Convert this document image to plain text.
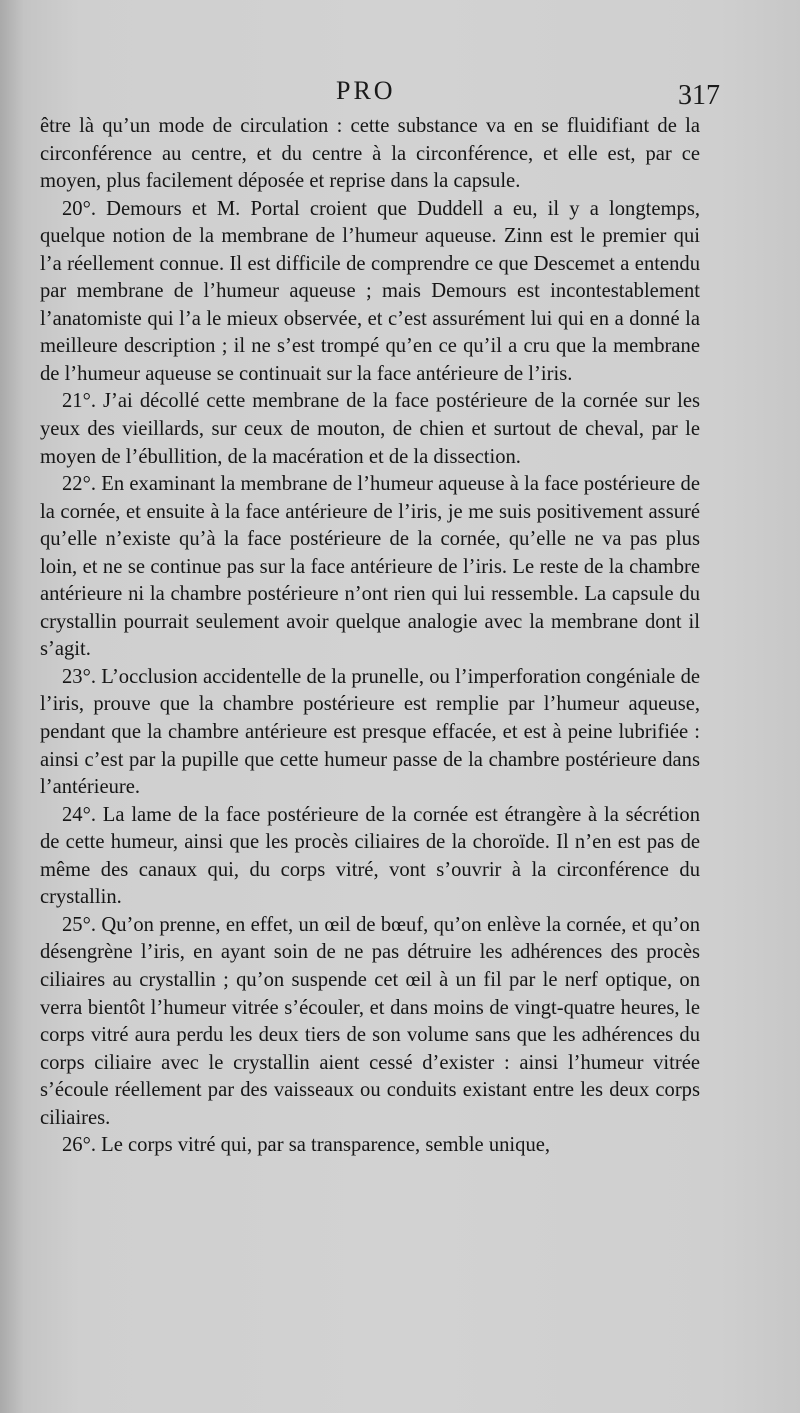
PRO	317

être là qu’un mode de circulation : cette substance va en se fluidifiant de la circonférence au centre, et du centre à la circonférence, et elle est, par ce moyen, plus facilement déposée et reprise dans la capsule.

20°. Demours et M. Portal croient que Duddell a eu, il y a longtemps, quelque notion de la membrane de l’humeur aqueuse. Zinn est le premier qui l’a réellement connue. Il est difficile de comprendre ce que Descemet a entendu par membrane de l’humeur aqueuse ; mais Demours est incontestablement l’anatomiste qui l’a le mieux observée, et c’est assurément lui qui en a donné la meilleure description ; il ne s’est trompé qu’en ce qu’il a cru que la membrane de l’humeur aqueuse se continuait sur la face antérieure de l’iris.

21°. J’ai décollé cette membrane de la face postérieure de la cornée sur les yeux des vieillards, sur ceux de mouton, de chien et surtout de cheval, par le moyen de l’ébullition, de la macération et de la dissection.

22°. En examinant la membrane de l’humeur aqueuse à la face postérieure de la cornée, et ensuite à la face antérieure de l’iris, je me suis positivement assuré qu’elle n’existe qu’à la face postérieure de la cornée, qu’elle ne va pas plus loin, et ne se continue pas sur la face antérieure de l’iris. Le reste de la chambre antérieure ni la chambre postérieure n’ont rien qui lui ressemble. La capsule du crystallin pourrait seulement avoir quelque analogie avec la membrane dont il s’agit.

23°. L’occlusion accidentelle de la prunelle, ou l’imperforation congéniale de l’iris, prouve que la chambre postérieure est remplie par l’humeur aqueuse, pendant que la chambre antérieure est presque effacée, et est à peine lubrifiée : ainsi c’est par la pupille que cette humeur passe de la chambre postérieure dans l’antérieure.

24°. La lame de la face postérieure de la cornée est étrangère à la sécrétion de cette humeur, ainsi que les procès ciliaires de la choroïde. Il n’en est pas de même des canaux qui, du corps vitré, vont s’ouvrir à la circonférence du crystallin.

25°. Qu’on prenne, en effet, un œil de bœuf, qu’on enlève la cornée, et qu’on désengrène l’iris, en ayant soin de ne pas détruire les adhérences des procès ciliaires au crystallin ; qu’on suspende cet œil à un fil par le nerf optique, on verra bientôt l’humeur vitrée s’écouler, et dans moins de vingt-quatre heures, le corps vitré aura perdu les deux tiers de son volume sans que les adhérences du corps ciliaire avec le crystallin aient cessé d’exister : ainsi l’humeur vitrée s’écoule réellement par des vaisseaux ou conduits existant entre les deux corps ciliaires.

26°. Le corps vitré qui, par sa transparence, semble unique,
